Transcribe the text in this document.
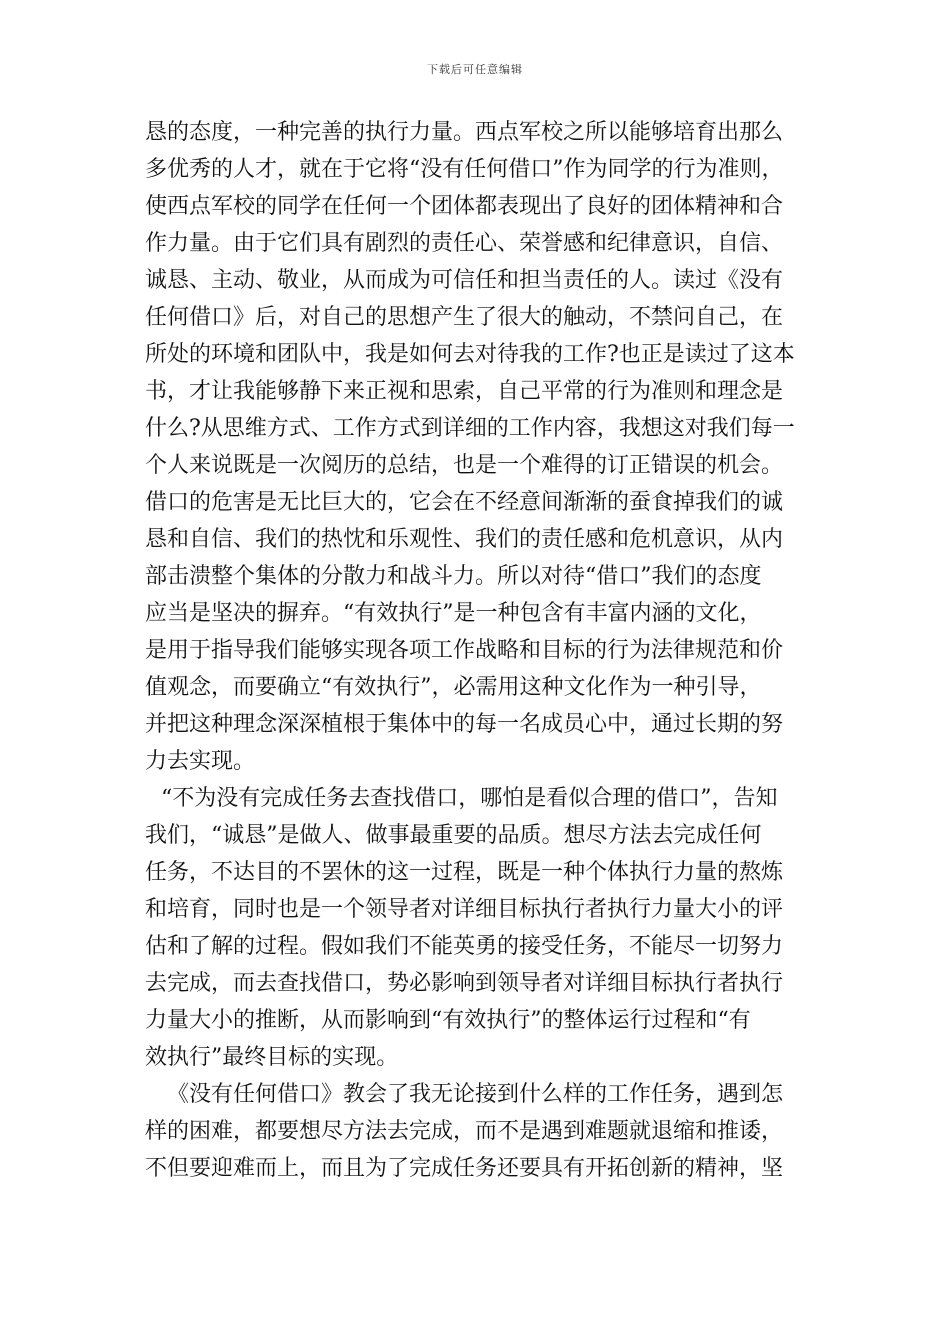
下载后可任意编辑
恳的态度，一种完善的执行力量。西点军校之所以能够培育出那么
多优秀的人才，就在于它将“没有任何借口”作为同学的行为准则，
使西点军校的同学在任何一个团体都表现出了良好的团体精神和合
作力量。由于它们具有剧烈的责任心、荣誉感和纪律意识，自信、
诚恳、主动、敬业，从而成为可信任和担当责任的人。读过《没有
任何借口》后，对自己的思想产生了很大的触动，不禁问自己，在
所处的环境和团队中，我是如何去对待我的工作?也正是读过了这本
书，才让我能够静下来正视和思索，自己平常的行为准则和理念是
什么?从思维方式、工作方式到详细的工作内容，我想这对我们每一
个人来说既是一次阅历的总结，也是一个难得的订正错误的机会。
借口的危害是无比巨大的，它会在不经意间渐渐的蚕食掉我们的诚
恳和自信、我们的热忱和乐观性、我们的责任感和危机意识，从内
部击溃整个集体的分散力和战斗力。所以对待“借口”我们的态度
应当是坚决的摒弃。“有效执行”是一种包含有丰富内涵的文化，
是用于指导我们能够实现各项工作战略和目标的行为法律规范和价
值观念，而要确立“有效执行”，必需用这种文化作为一种引导，
并把这种理念深深植根于集体中的每一名成员心中，通过长期的努
力去实现。
“不为没有完成任务去查找借口，哪怕是看似合理的借口”，告知
我们，“诚恳”是做人、做事最重要的品质。想尽方法去完成任何
任务，不达目的不罢休的这一过程，既是一种个体执行力量的熬炼
和培育，同时也是一个领导者对详细目标执行者执行力量大小的评
估和了解的过程。假如我们不能英勇的接受任务，不能尽一切努力
去完成，而去查找借口，势必影响到领导者对详细目标执行者执行
力量大小的推断，从而影响到“有效执行”的整体运行过程和“有
效执行”最终目标的实现。
《没有任何借口》教会了我无论接到什么样的工作任务，遇到怎
样的困难，都要想尽方法去完成，而不是遇到难题就退缩和推诿，
不但要迎难而上，而且为了完成任务还要具有开拓创新的精神，坚
